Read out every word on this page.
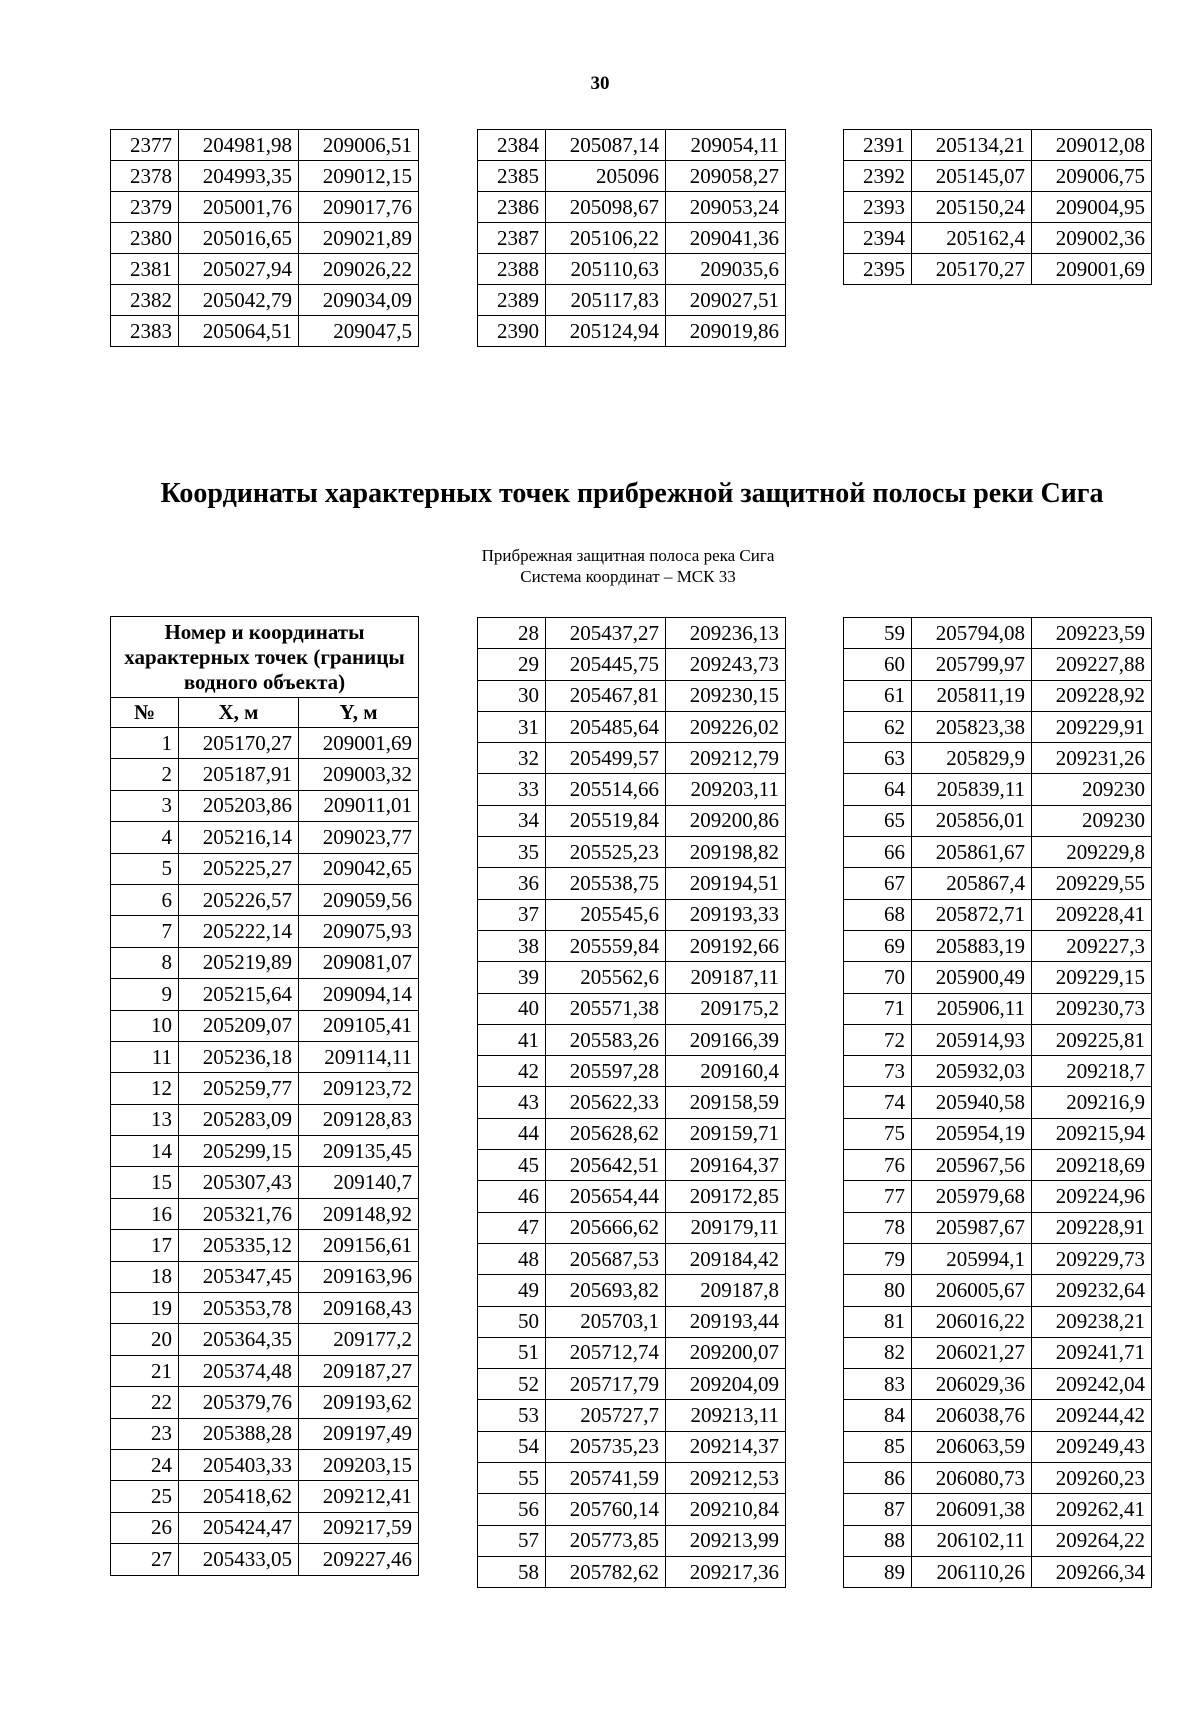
30
2377	204981,98	209006,51
2378	204993,35	209012,15
2379	205001,76	209017,76
2380	205016,65	209021,89
2381	205027,94	209026,22
2382	205042,79	209034,09
2383	205064,51	209047,5
2384	205087,14	209054,11
2385	205096	209058,27
2386	205098,67	209053,24
2387	205106,22	209041,36
2388	205110,63	209035,6
2389	205117,83	209027,51
2390	205124,94	209019,86
2391	205134,21	209012,08
2392	205145,07	209006,75
2393	205150,24	209004,95
2394	205162,4	209002,36
2395	205170,27	209001,69
Координаты характерных точек прибрежной защитной полосы реки Сига
Прибрежная защитная полоса река Сига
Система координат – МСК 33
Номер и координаты характерных точек (границы водного объекта)		
№	X, м	Y, м
1	205170,27	209001,69
2	205187,91	209003,32
3	205203,86	209011,01
4	205216,14	209023,77
5	205225,27	209042,65
6	205226,57	209059,56
7	205222,14	209075,93
8	205219,89	209081,07
9	205215,64	209094,14
10	205209,07	209105,41
11	205236,18	209114,11
12	205259,77	209123,72
13	205283,09	209128,83
14	205299,15	209135,45
15	205307,43	209140,7
16	205321,76	209148,92
17	205335,12	209156,61
18	205347,45	209163,96
19	205353,78	209168,43
20	205364,35	209177,2
21	205374,48	209187,27
22	205379,76	209193,62
23	205388,28	209197,49
24	205403,33	209203,15
25	205418,62	209212,41
26	205424,47	209217,59
27	205433,05	209227,46
28	205437,27	209236,13
29	205445,75	209243,73
30	205467,81	209230,15
31	205485,64	209226,02
32	205499,57	209212,79
33	205514,66	209203,11
34	205519,84	209200,86
35	205525,23	209198,82
36	205538,75	209194,51
37	205545,6	209193,33
38	205559,84	209192,66
39	205562,6	209187,11
40	205571,38	209175,2
41	205583,26	209166,39
42	205597,28	209160,4
43	205622,33	209158,59
44	205628,62	209159,71
45	205642,51	209164,37
46	205654,44	209172,85
47	205666,62	209179,11
48	205687,53	209184,42
49	205693,82	209187,8
50	205703,1	209193,44
51	205712,74	209200,07
52	205717,79	209204,09
53	205727,7	209213,11
54	205735,23	209214,37
55	205741,59	209212,53
56	205760,14	209210,84
57	205773,85	209213,99
58	205782,62	209217,36
59	205794,08	209223,59
60	205799,97	209227,88
61	205811,19	209228,92
62	205823,38	209229,91
63	205829,9	209231,26
64	205839,11	209230
65	205856,01	209230
66	205861,67	209229,8
67	205867,4	209229,55
68	205872,71	209228,41
69	205883,19	209227,3
70	205900,49	209229,15
71	205906,11	209230,73
72	205914,93	209225,81
73	205932,03	209218,7
74	205940,58	209216,9
75	205954,19	209215,94
76	205967,56	209218,69
77	205979,68	209224,96
78	205987,67	209228,91
79	205994,1	209229,73
80	206005,67	209232,64
81	206016,22	209238,21
82	206021,27	209241,71
83	206029,36	209242,04
84	206038,76	209244,42
85	206063,59	209249,43
86	206080,73	209260,23
87	206091,38	209262,41
88	206102,11	209264,22
89	206110,26	209266,34
